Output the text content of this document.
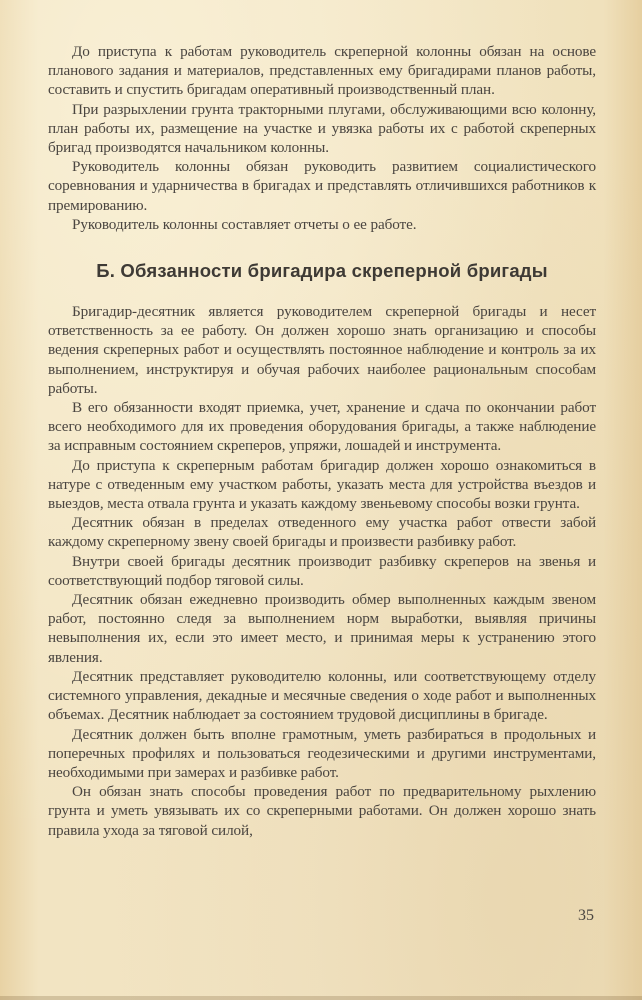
До приступа к работам руководитель скреперной колонны обязан на основе планового задания и материалов, представленных ему бригадирами планов работы, составить и спустить бригадам оперативный производственный план.

При разрыхлении грунта тракторными плугами, обслуживающими всю колонну, план работы их, размещение на участке и увязка работы их с работой скреперных бригад производятся начальником колонны.

Руководитель колонны обязан руководить развитием социалистического соревнования и ударничества в бригадах и представлять отличившихся работников к премированию.

Руководитель колонны составляет отчеты о ее работе.

Б. Обязанности бригадира скреперной бригады

Бригадир-десятник является руководителем скреперной бригады и несет ответственность за ее работу. Он должен хорошо знать организацию и способы ведения скреперных работ и осуществлять постоянное наблюдение и контроль за их выполнением, инструктируя и обучая рабочих наиболее рациональным способам работы.

В его обязанности входят приемка, учет, хранение и сдача по окончании работ всего необходимого для их проведения оборудования бригады, а также наблюдение за исправным состоянием скреперов, упряжи, лошадей и инструмента.

До приступа к скреперным работам бригадир должен хорошо ознакомиться в натуре с отведенным ему участком работы, указать места для устройства въездов и выездов, места отвала грунта и указать каждому звеньевому способы возки грунта.

Десятник обязан в пределах отведенного ему участка работ отвести забой каждому скреперному звену своей бригады и произвести разбивку работ.

Внутри своей бригады десятник производит разбивку скреперов на звенья и соответствующий подбор тяговой силы.

Десятник обязан ежедневно производить обмер выполненных каждым звеном работ, постоянно следя за выполнением норм выработки, выявляя причины невыполнения их, если это имеет место, и принимая меры к устранению этого явления.

Десятник представляет руководителю колонны, или соответствующему отделу системного управления, декадные и месячные сведения о ходе работ и выполненных объемах. Десятник наблюдает за состоянием трудовой дисциплины в бригаде.

Десятник должен быть вполне грамотным, уметь разбираться в продольных и поперечных профилях и пользоваться геодезическими и другими инструментами, необходимыми при замерах и разбивке работ.

Он обязан знать способы проведения работ по предварительному рыхлению грунта и уметь увязывать их со скреперными работами. Он должен хорошо знать правила ухода за тяговой силой,

35
